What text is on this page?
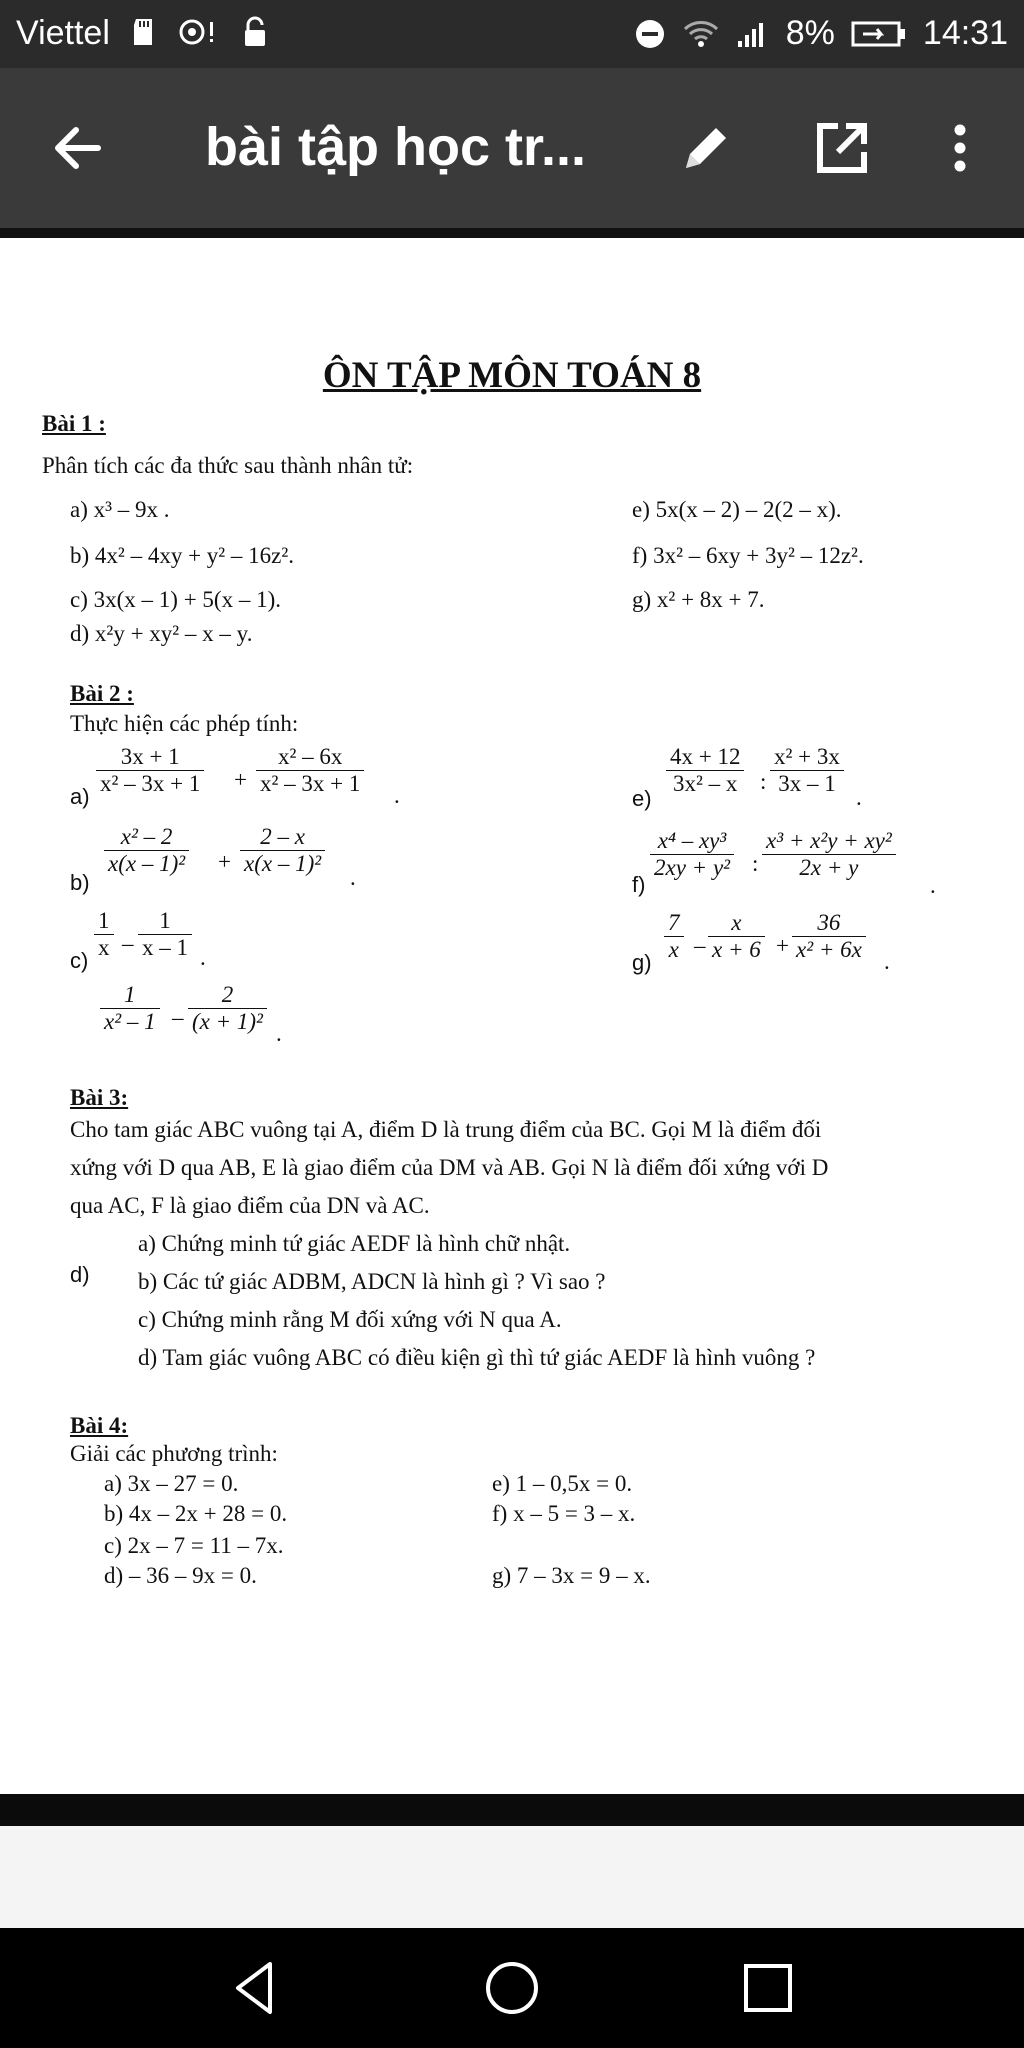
Viettel	8%	14:31
bài tập học tr...
ÔN TẬP MÔN TOÁN 8
Bài 1 :
Phân tích các đa thức sau thành nhân tử:
a) x³ – 9x .
b) 4x² – 4xy + y² – 16z².
c) 3x(x – 1) + 5(x – 1).
d) x²y + xy² – x – y.
e) 5x(x – 2) – 2(2 – x).
f) 3x² – 6xy + 3y² – 12z².
g) x² + 8x + 7.
Bài 2 :
Thực hiện các phép tính:
$a) \frac{3x + 1}{\text{x² – 3x + 1}} + \frac{\text{x² – 6x}}{\text{x² – 3x + 1}}$ .
b)
$\frac{\text{x² – 2}}{\text{x(x – 1)²}} + \frac{2 - x}{\text{x(x – 1)²}}$ .
$c) \frac{1}{x} - \frac{1}{x - 1}$ .
d)
$\frac{1}{\text{x² – 1}} - \frac{2}{\text{(x + 1)²}}$ .
e)
$\frac{4x + 12}{\text{3x² – x}}$ : $\frac{\text{x² + 3x}}{3x - 1}$ .
f)
$\frac{\text{x⁴ – xy³}}{\text{2xy + y²}}$ : $\frac{\text{x³ + x²y + xy²}}{2x + y}$
.
$g) \frac{7}{x} - \frac{x}{x + 6} + \frac{36}{\text{x² + 6x}}$ .
Bài 3:
Cho tam giác ABC vuông tại A, điểm D là trung điểm của BC. Gọi M là điểm đối
xứng với D qua AB, E là giao điểm của DM và AB. Gọi N là điểm đối xứng với D
qua AC, F là giao điểm của DN và AC.
a) Chứng minh tứ giác AEDF là hình chữ nhật.
b) Các tứ giác ADBM, ADCN là hình gì ? Vì sao ?
c) Chứng minh rằng M đối xứng với N qua A.
d) Tam giác vuông ABC có điều kiện gì thì tứ giác AEDF là hình vuông ?
Bài 4:
Giải các phương trình:
a) 3x – 27 = 0.
b) 4x – 2x + 28 = 0.
c) 2x – 7 = 11 – 7x.
d) – 36 – 9x = 0.
e) 1 – 0,5x = 0.
f) x – 5 = 3 – x.
g) 7 – 3x = 9 – x.
